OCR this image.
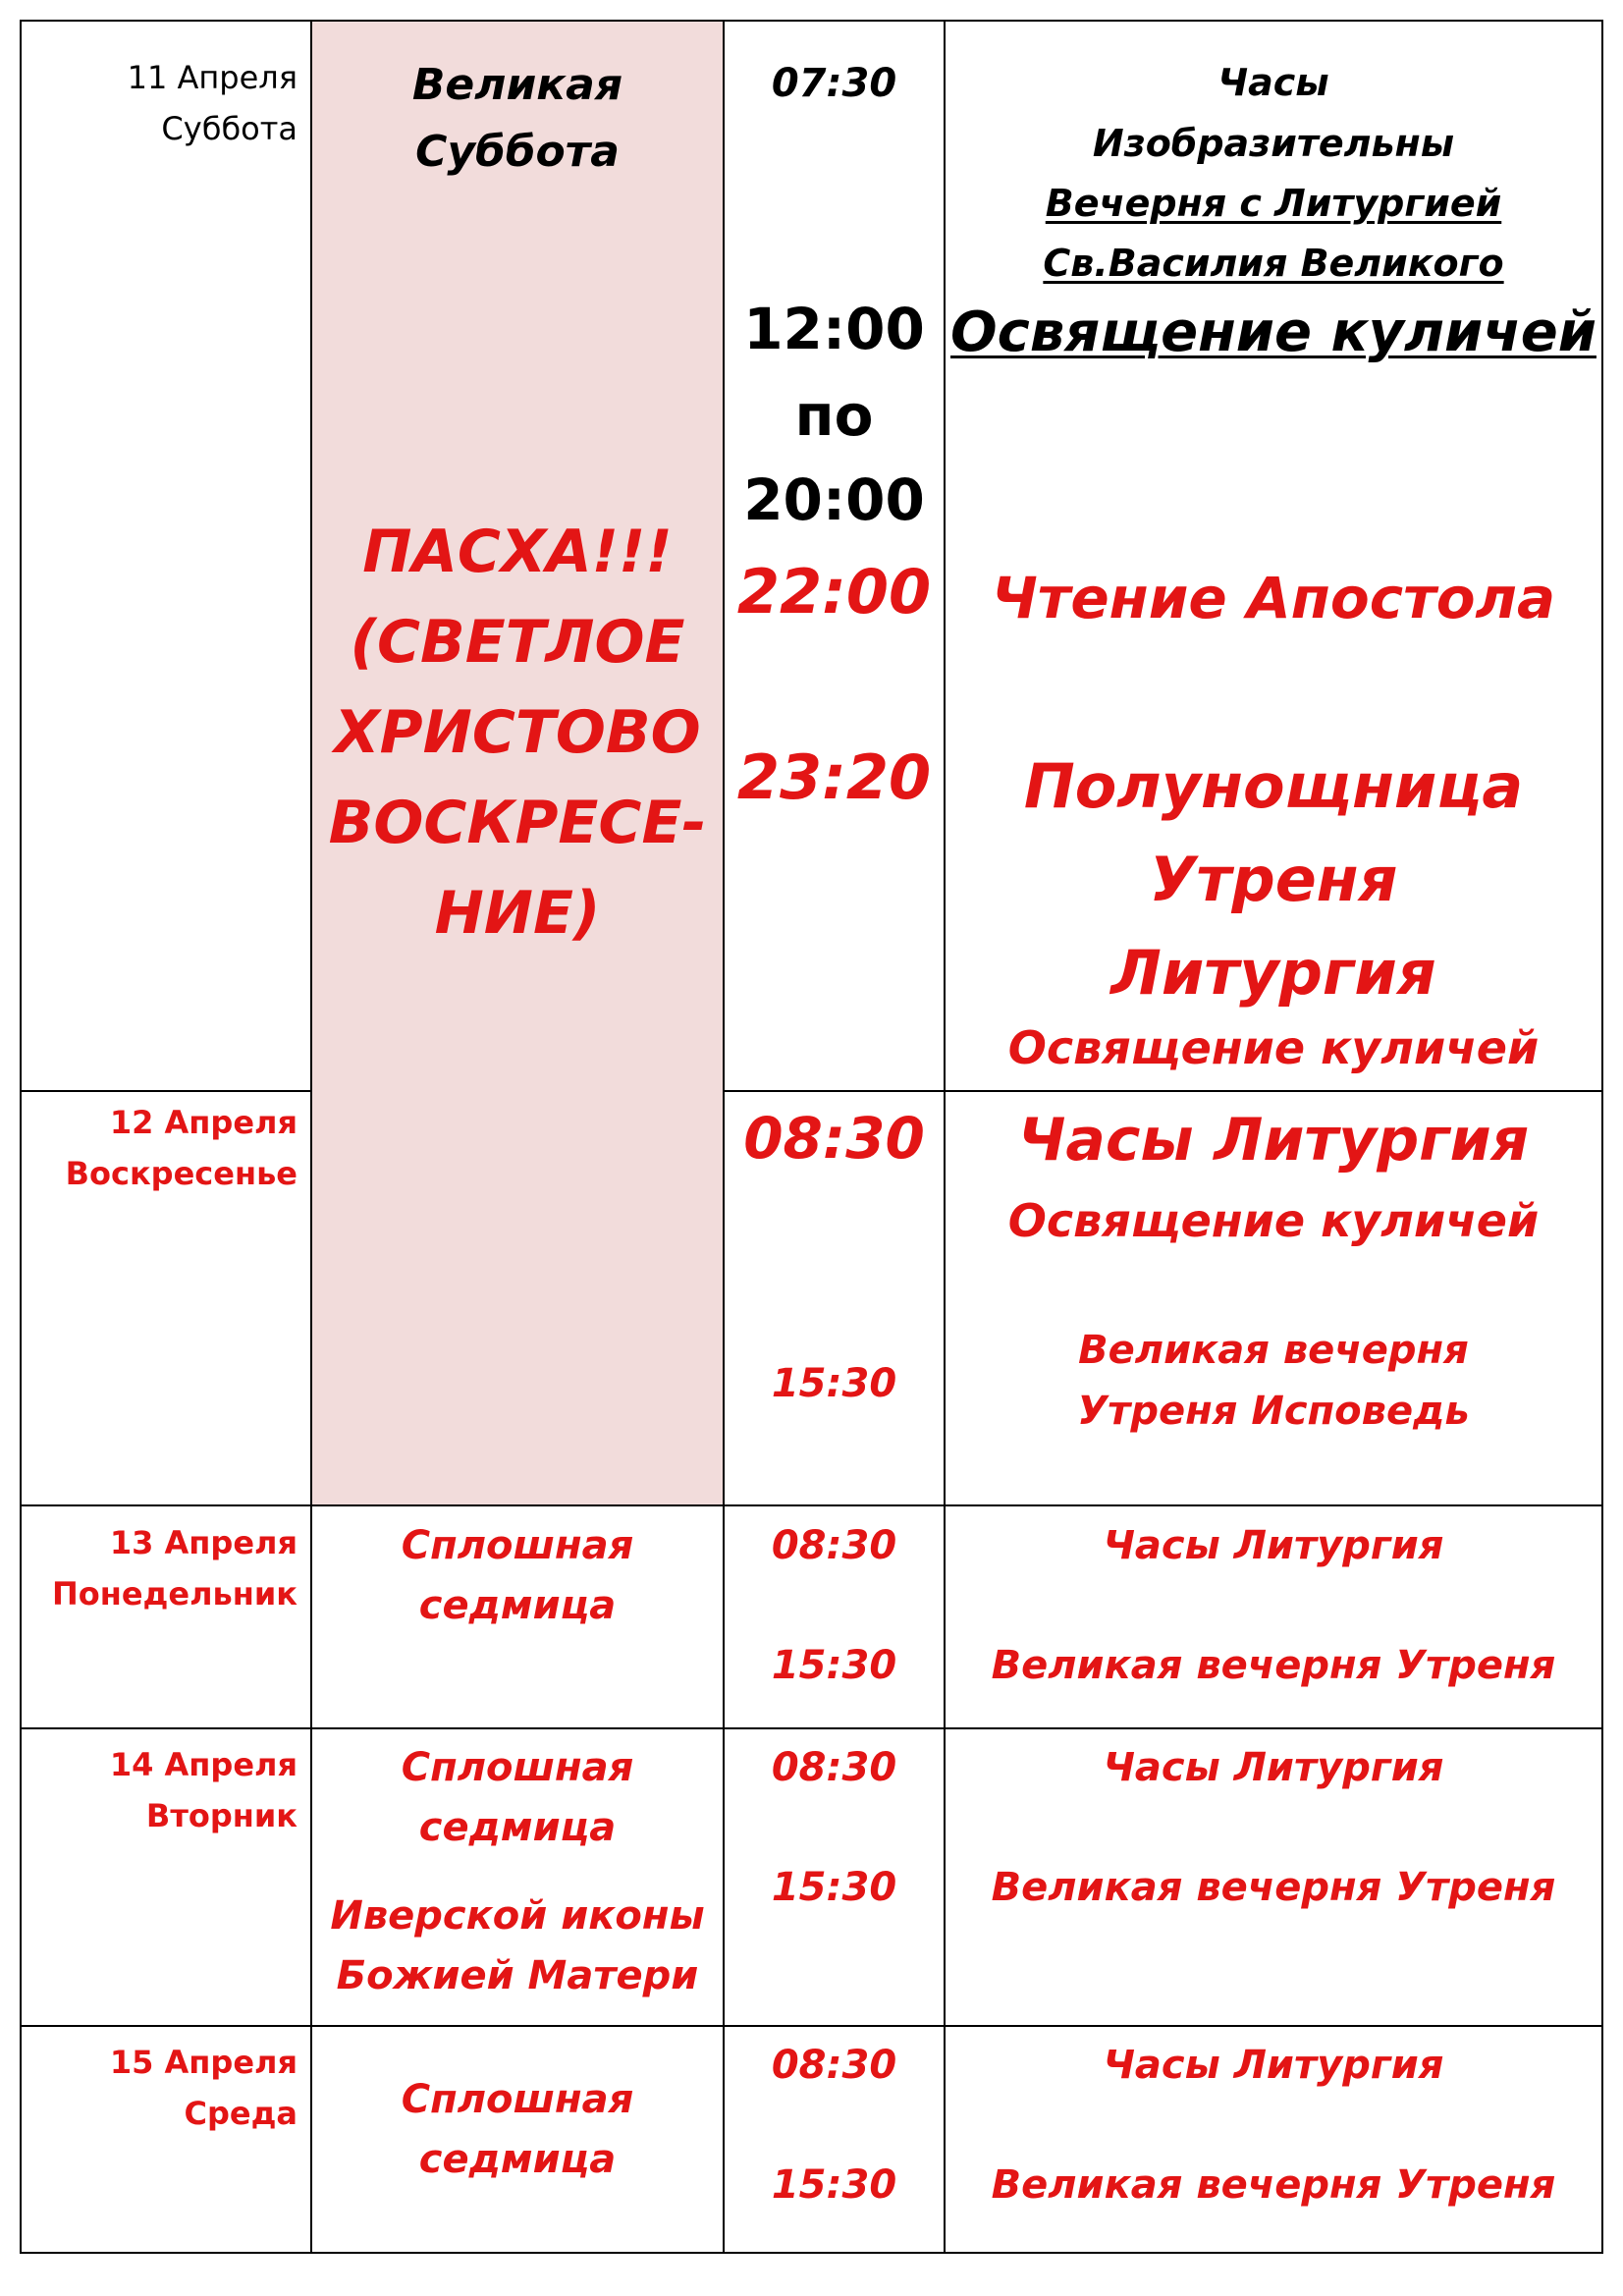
11 Апреля
Суббота
Великая
Суббота
ПАСХА!!!
(СВЕТЛОЕ
ХРИСТОВО
ВОСКРЕСЕ-
НИЕ)
07:30
12:00
по
20:00
22:00
23:20
Часы
Изобразительны
Вечерня с Литургией
Св.Василия Великого
Освящение куличей
Чтение Апостола
Полунощница
Утреня
Литургия
Освящение куличей
12 Апреля
Воскресенье
08:30
15:30
Часы Литургия
Освящение куличей
Великая вечерня
Утреня Исповедь
13 Апреля
Понедельник
Сплошная
седмица
08:30
15:30
Часы Литургия
Великая вечерня Утреня
14 Апреля
Вторник
Сплошная
седмица
Иверской иконы
Божией Матери
08:30
15:30
Часы Литургия
Великая вечерня Утреня
15 Апреля
Среда	Сплошная
седмица
08:30
15:30
Часы Литургия
Великая вечерня Утреня
